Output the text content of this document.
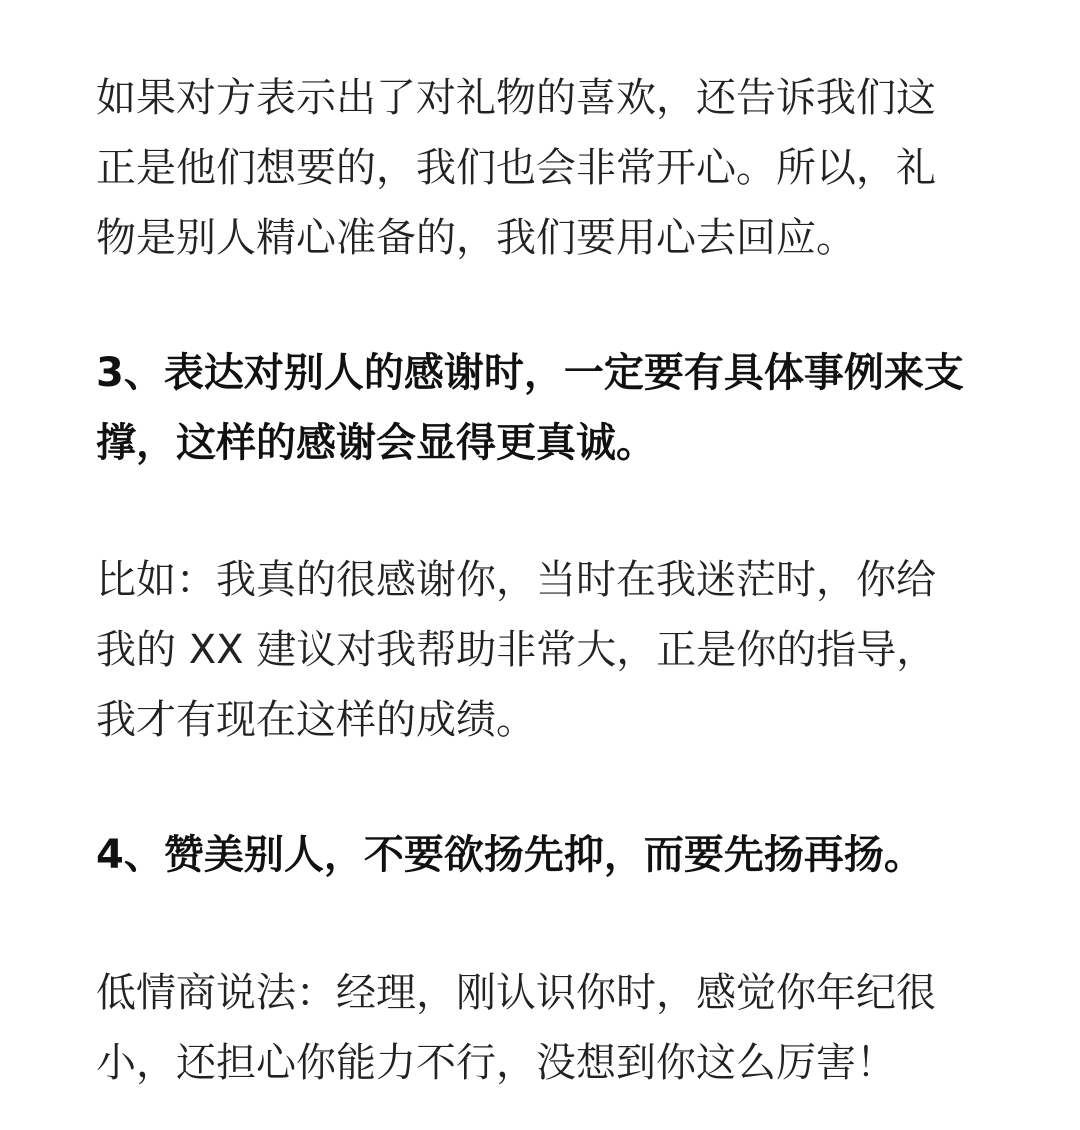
如果对方表示出了对礼物的喜欢，还告诉我们这
正是他们想要的，我们也会非常开心。所以，礼
物是别人精心准备的，我们要用心去回应。

3、表达对别人的感谢时，一定要有具体事例来支
撑，这样的感谢会显得更真诚。

比如：我真的很感谢你，当时在我迷茫时，你给
我的 XX 建议对我帮助非常大，正是你的指导，
我才有现在这样的成绩。

4、赞美别人，不要欲扬先抑，而要先扬再扬。

低情商说法：经理，刚认识你时，感觉你年纪很
小，还担心你能力不行，没想到你这么厉害！
